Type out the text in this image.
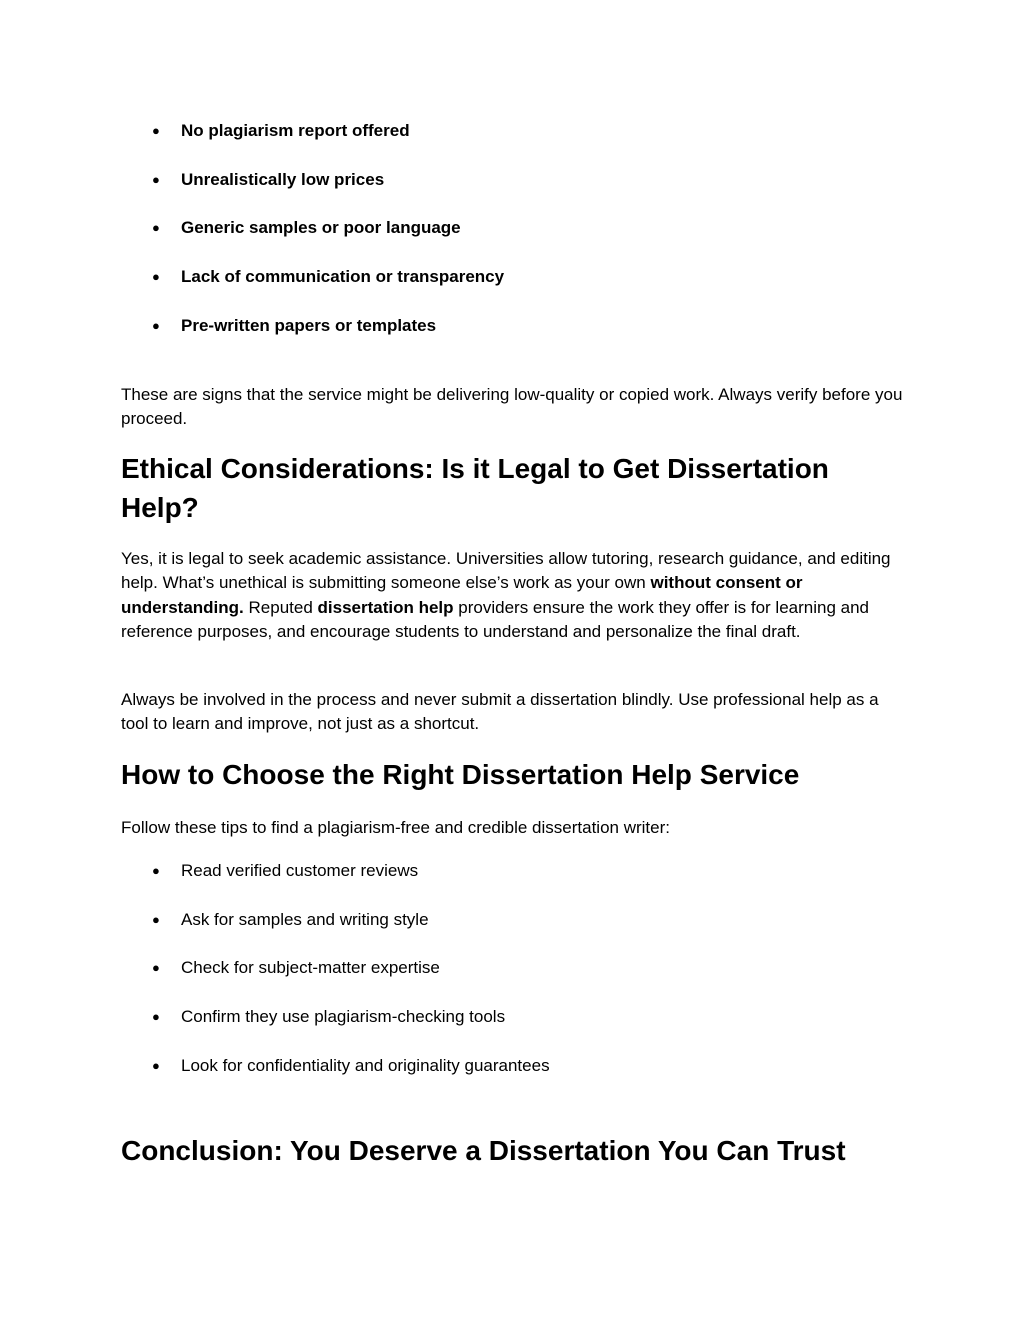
● No plagiarism report offered
● Unrealistically low prices
● Generic samples or poor language
● Lack of communication or transparency
● Pre-written papers or templates

These are signs that the service might be delivering low-quality or copied work. Always verify before you proceed.

Ethical Considerations: Is it Legal to Get Dissertation Help?

Yes, it is legal to seek academic assistance. Universities allow tutoring, research guidance, and editing help. What’s unethical is submitting someone else’s work as your own without consent or understanding. Reputed dissertation help providers ensure the work they offer is for learning and reference purposes, and encourage students to understand and personalize the final draft.

Always be involved in the process and never submit a dissertation blindly. Use professional help as a tool to learn and improve, not just as a shortcut.

How to Choose the Right Dissertation Help Service

Follow these tips to find a plagiarism-free and credible dissertation writer:

● Read verified customer reviews
● Ask for samples and writing style
● Check for subject-matter expertise
● Confirm they use plagiarism-checking tools
● Look for confidentiality and originality guarantees
Conclusion: You Deserve a Dissertation You Can Trust
